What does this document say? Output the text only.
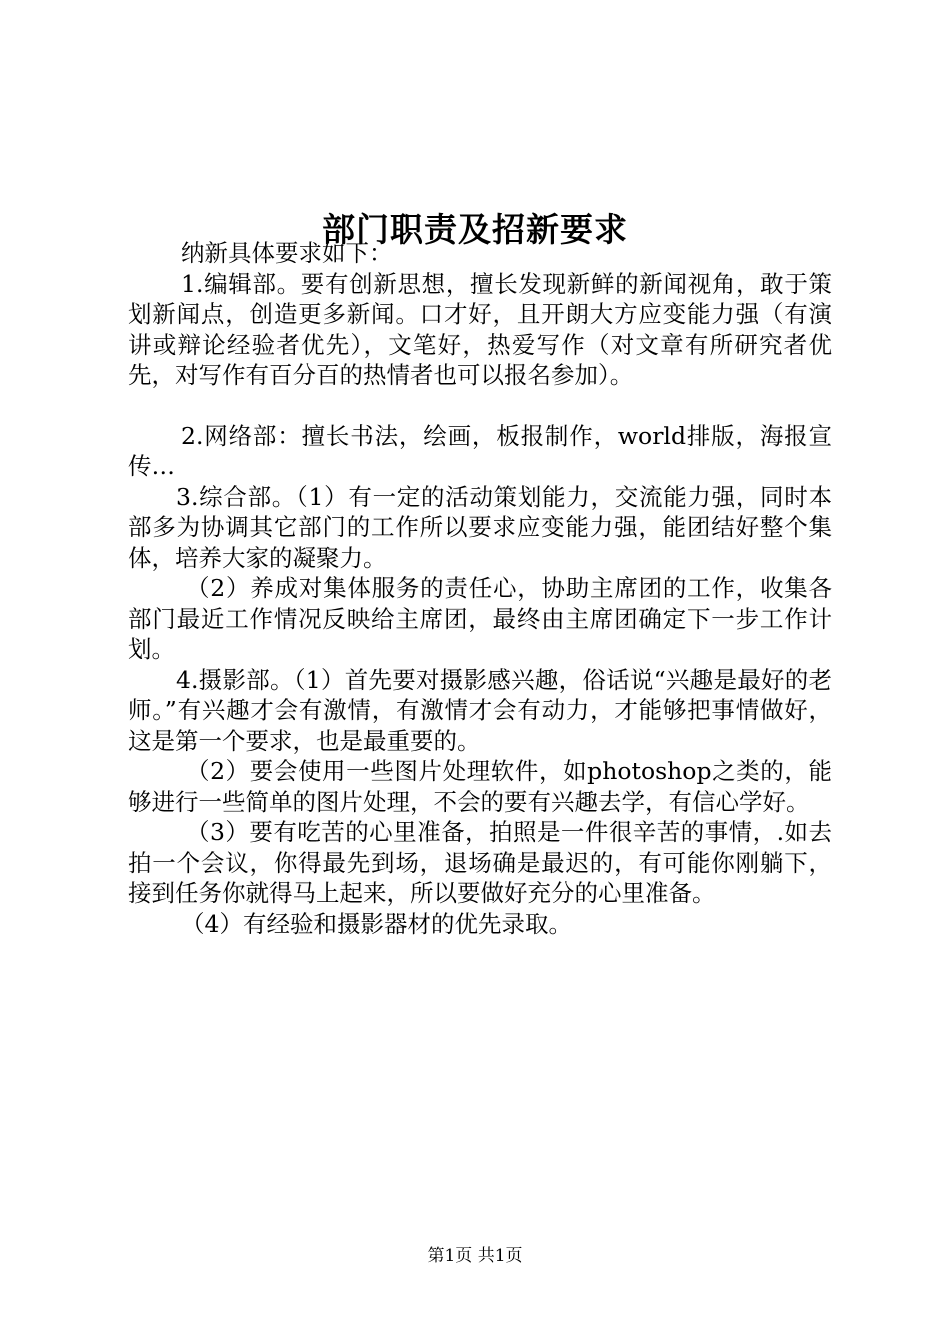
部门职责及招新要求

纳新具体要求如下：

1.编辑部。要有创新思想，擅长发现新鲜的新闻视角，敢于策划新闻点，创造更多新闻。口才好，且开朗大方应变能力强（有演讲或辩论经验者优先），文笔好，热爱写作（对文章有所研究者优先，对写作有百分百的热情者也可以报名参加）。

2.网络部：擅长书法，绘画，板报制作，world排版，海报宣传…

3.综合部。（1）有一定的活动策划能力，交流能力强，同时本部多为协调其它部门的工作所以要求应变能力强，能团结好整个集体，培养大家的凝聚力。

（2）养成对集体服务的责任心，协助主席团的工作，收集各部门最近工作情况反映给主席团，最终由主席团确定下一步工作计划。

4.摄影部。（1）首先要对摄影感兴趣，俗话说“兴趣是最好的老师。”有兴趣才会有激情，有激情才会有动力，才能够把事情做好，这是第一个要求，也是最重要的。

（2）要会使用一些图片处理软件，如photoshop之类的，能够进行一些简单的图片处理，不会的要有兴趣去学，有信心学好。

（3）要有吃苦的心里准备，拍照是一件很辛苦的事情，.如去拍一个会议，你得最先到场，退场确是最迟的，有可能你刚躺下，接到任务你就得马上起来，所以要做好充分的心里准备。

（4）有经验和摄影器材的优先录取。

第1页 共1页
